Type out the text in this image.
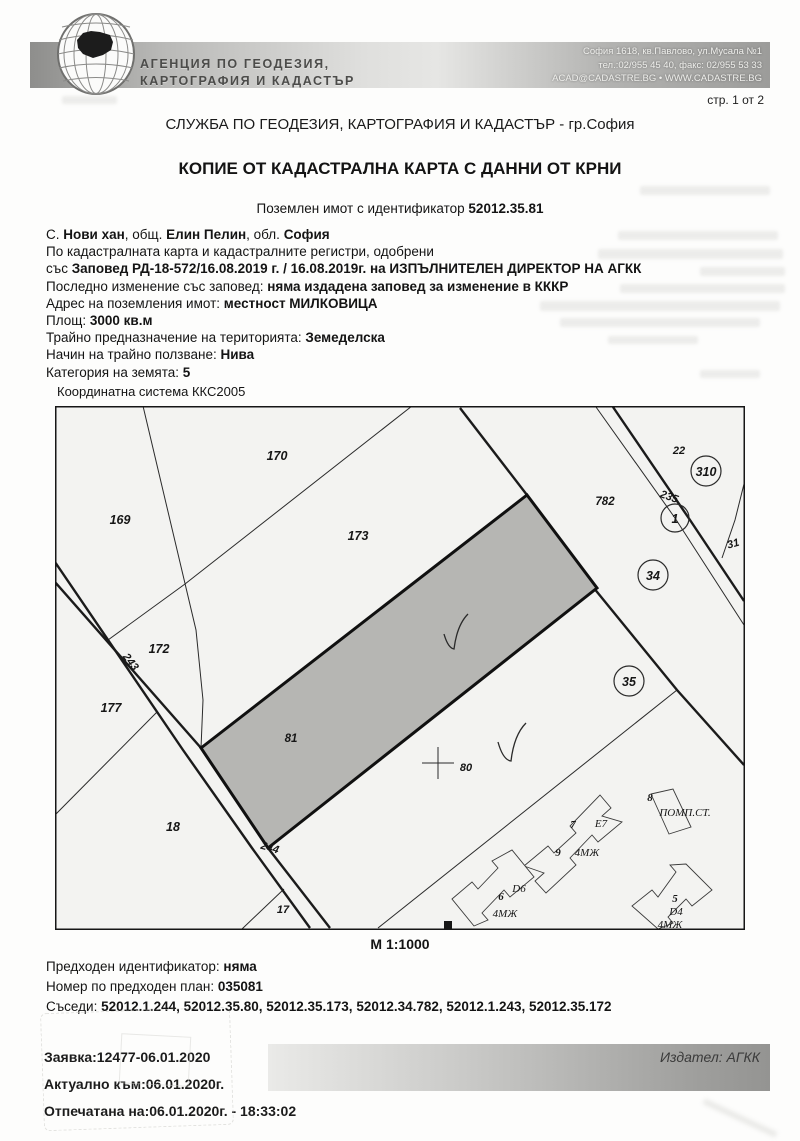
АГЕНЦИЯ ПО ГЕОДЕЗИЯ,
КАРТОГРАФИЯ И КАДАСТЪР
София 1618, кв.Павлово, ул.Мусала №1
тел.:02/955 45 40, факс: 02/955 53 33
ACAD@CADASTRE.BG • WWW.CADASTRE.BG
стр. 1 от 2
СЛУЖБА ПО ГЕОДЕЗИЯ, КАРТОГРАФИЯ И КАДАСТЪР - гр.София
КОПИЕ ОТ КАДАСТРАЛНА КАРТА С ДАННИ ОТ КРНИ
Поземлен имот с идентификатор 52012.35.81
С. Нови хан, общ. Елин Пелин, обл. София
По кадастралната карта и кадастралните регистри, одобрени
със Заповед РД-18-572/16.08.2019 г. / 16.08.2019г. на ИЗПЪЛНИТЕЛЕН ДИРЕКТОР НА АГКК
Последно изменение със заповед: няма издадена заповед за изменение в КККР
Адрес на поземления имот: местност МИЛКОВИЦА
Площ: 3000 кв.м
Трайно предназначение на територията: Земеделска
Начин на трайно ползване: Нива
Категория на земята: 5
Координатна система ККС2005
310
1
34
35
170
169
173
172
177
81
18
782
22
17
80
243
244
235
31
7 Е7
9 4МЖ
6
D6
4МЖ
5
D4
4МЖ
8
ПОМП.СТ.
М 1:1000
Предходен идентификатор: няма
Номер по предходен план: 035081
Съседи: 52012.1.244, 52012.35.80, 52012.35.173, 52012.34.782, 52012.1.243, 52012.35.172
Заявка:12477-06.01.2020
Актуално към:06.01.2020г.
Отпечатана на:06.01.2020г. - 18:33:02
Издател: АГКК
